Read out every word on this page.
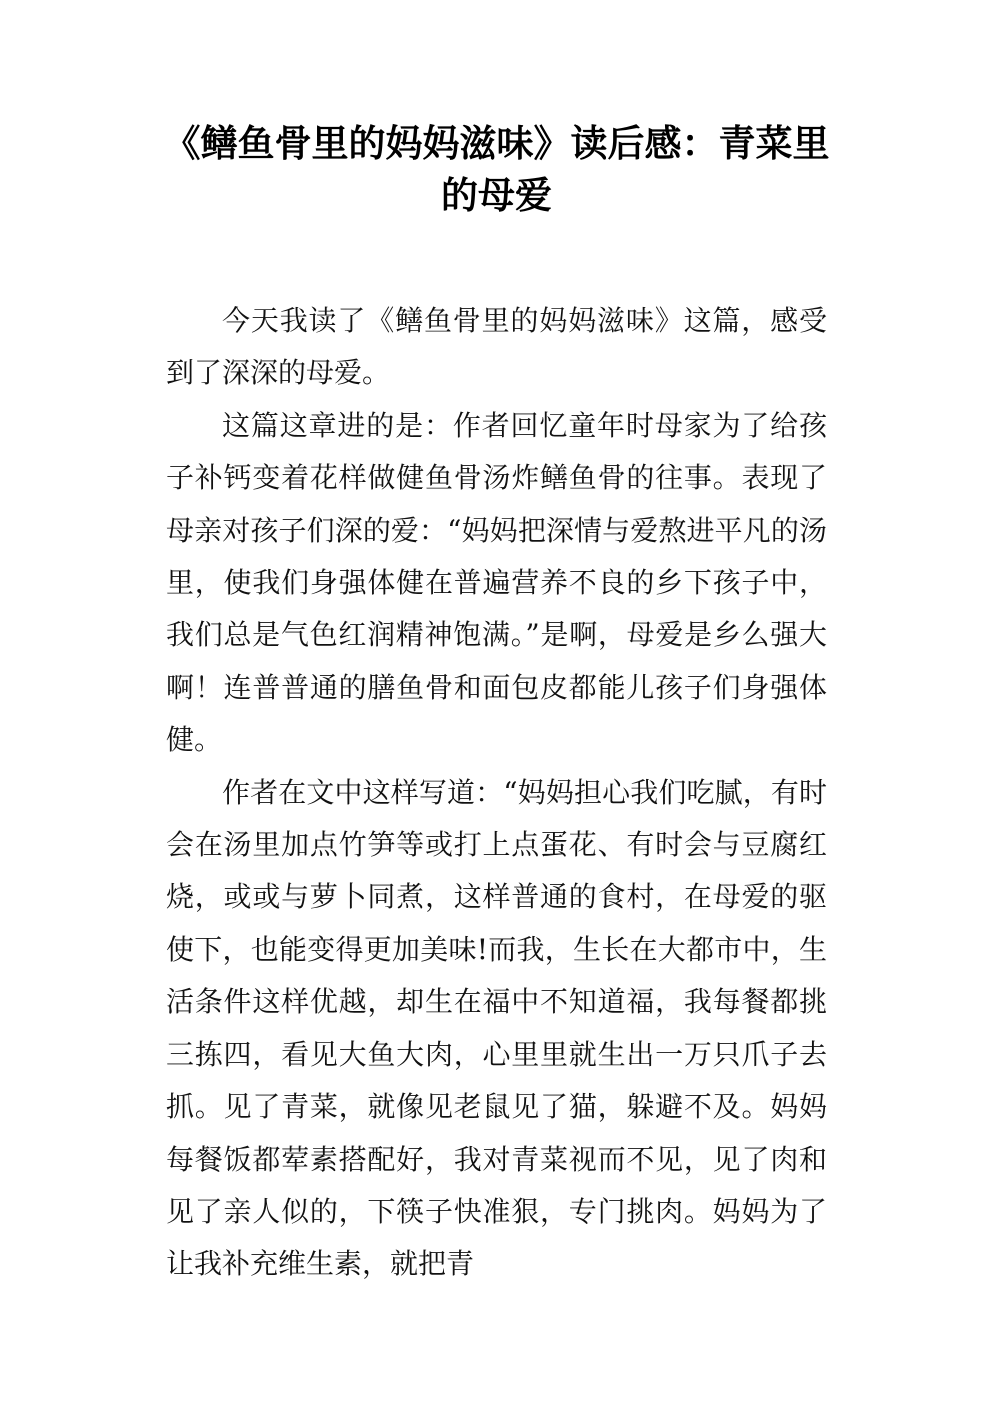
《鳝鱼骨里的妈妈滋味》读后感：青菜里的母爱

今天我读了《鳝鱼骨里的妈妈滋味》这篇，感受到了深深的母爱。

这篇这章进的是：作者回忆童年时母家为了给孩子补钙变着花样做健鱼骨汤炸鳝鱼骨的往事。表现了母亲对孩子们深的爱：“妈妈把深情与爱熬进平凡的汤里，使我们身强体健在普遍营养不良的乡下孩子中，我们总是气色红润精神饱满。”是啊，母爱是乡么强大啊！连普普通的膳鱼骨和面包皮都能儿孩子们身强体健。

作者在文中这样写道：“妈妈担心我们吃腻，有时会在汤里加点竹笋等或打上点蛋花、有时会与豆腐红烧，或或与萝卜同煮，这样普通的食村，在母爱的驱使下，也能变得更加美味!而我，生长在大都市中，生活条件这样优越，却生在福中不知道福，我每餐都挑三拣四，看见大鱼大肉，心里里就生出一万只爪子去抓。见了青菜，就像见老鼠见了猫，躲避不及。妈妈每餐饭都荤素搭配好，我对青菜视而不见，见了肉和见了亲人似的，下筷子快准狠，专门挑肉。妈妈为了让我补充维生素，就把青
